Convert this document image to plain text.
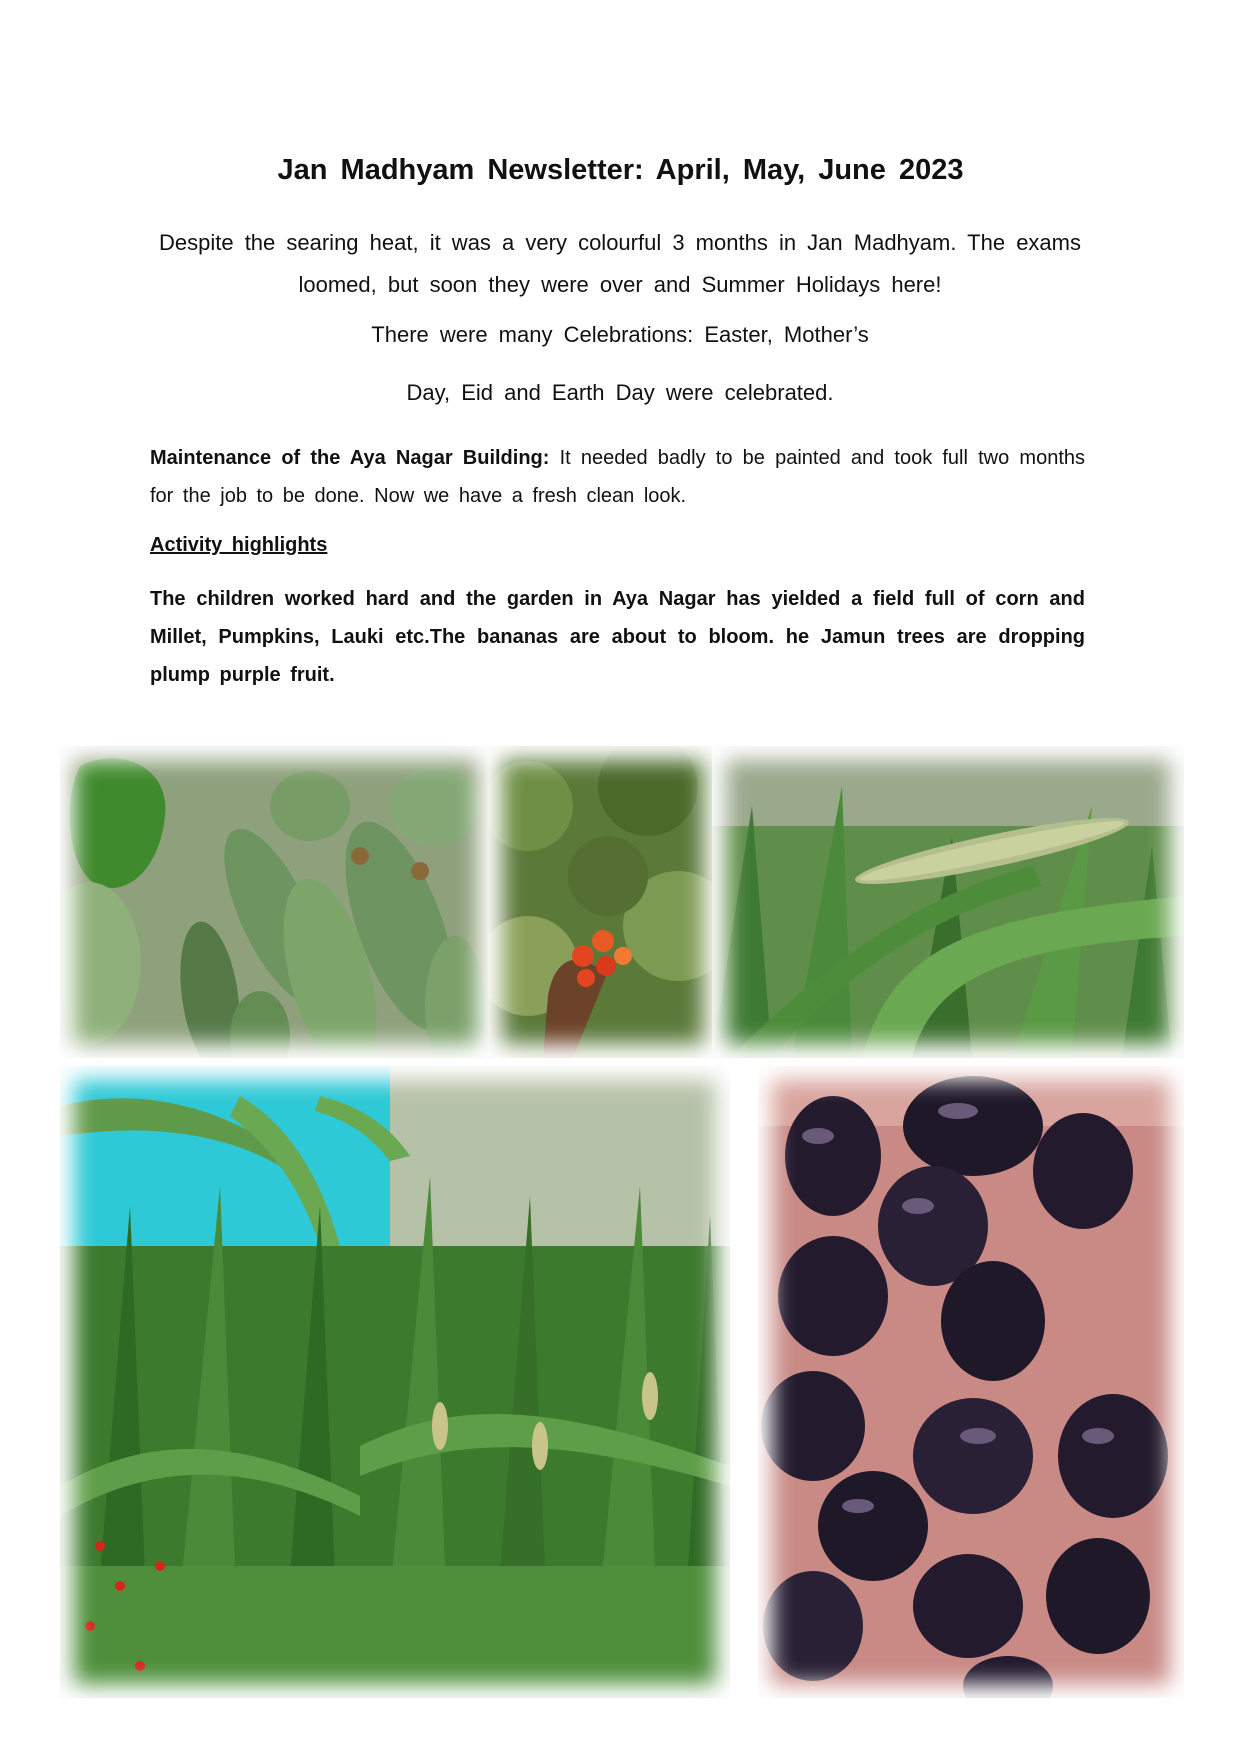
Jan Madhyam Newsletter: April, May, June 2023
Despite the searing heat, it was a very colourful 3 months in Jan Madhyam. The exams loomed, but soon they were over and Summer Holidays here!
There were many Celebrations: Easter, Mother’s
Day, Eid and Earth Day were celebrated.
Maintenance of the Aya Nagar Building: It needed badly to be painted and took full two months for the job to be done. Now we have a fresh clean look.
Activity highlights
The children worked hard and the garden in Aya Nagar has yielded a field full of corn and Millet, Pumpkins, Lauki etc.The bananas are about to bloom. he Jamun trees are dropping plump purple fruit.
